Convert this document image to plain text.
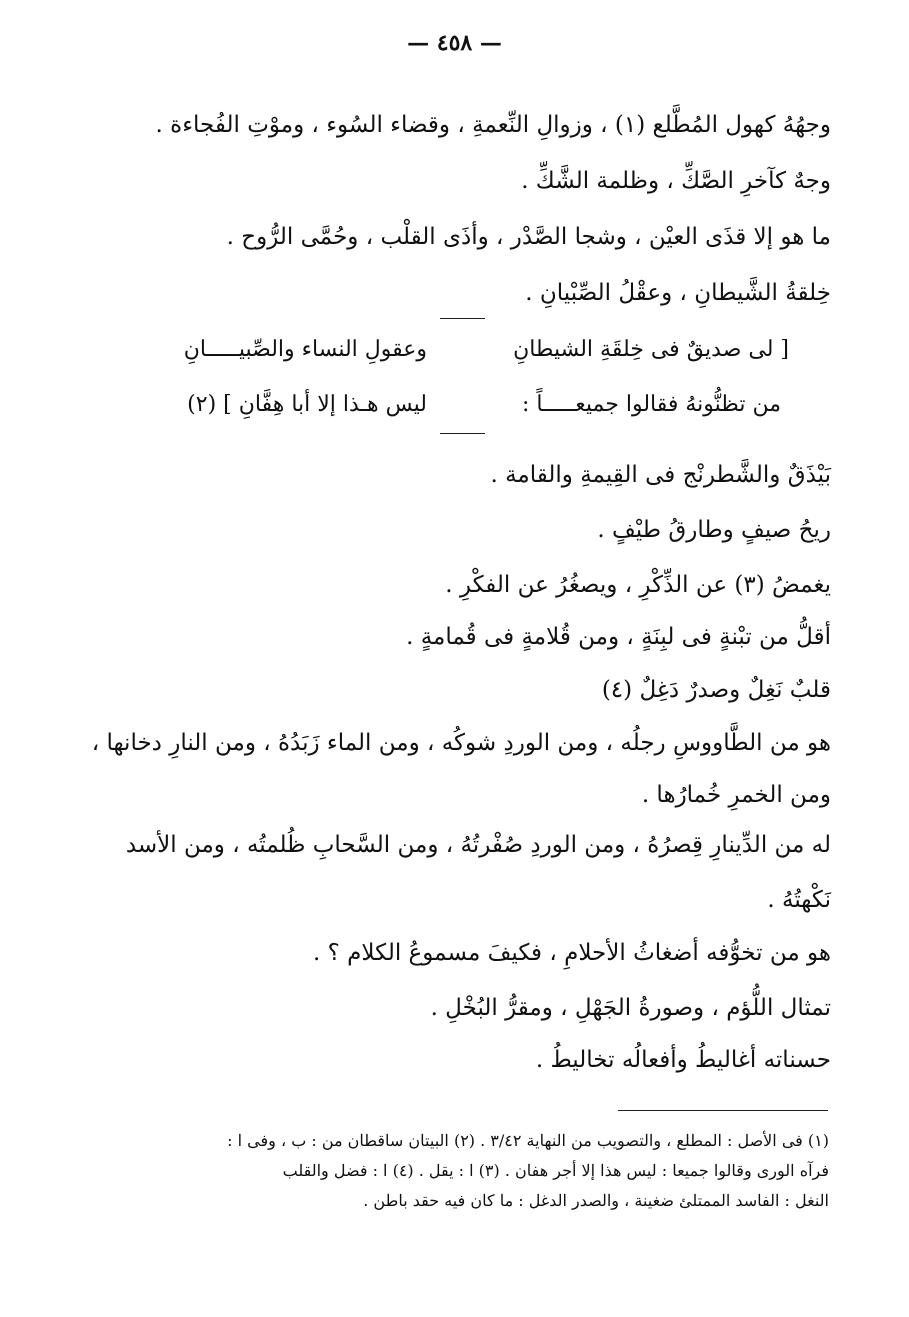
— ٤٥٨ —
وجهُهُ كهول المُطَّلع (١) ، وزوالِ النِّعمةِ ، وقضاء السُوء ، وموْتِ الفُجاءة .
وجهٌ كآخرِ الصَّكِّ ، وظلمة الشَّكِّ .
ما هو إلا قذَى العيْن ، وشجا الصَّدْر ، وأذَى القلْب ، وحُمَّى الرُّوح .
خِلقةُ الشَّيطانِ ، وعقْلُ الصِّبْيانِ .
[ لى صديقٌ فى خِلقَةِ الشيطانِ
وعقولِ النساء والصِّبيـــــانِ
من تظنُّونهُ فقالوا جميعـــــاً :
ليس هـذا إلا أبا هِفَّانِ ] (٢)
بَيْذَقٌ والشَّطرنْج فى القِيمةِ والقامة .
ريحُ صيفٍ وطارقُ طيْفٍ .
يغمضُ (٣) عن الذِّكْرِ ، ويصغُرُ عن الفكْرِ .
أقلُّ من تبْنةٍ فى لبِنَةٍ ، ومن قُلامةٍ فى قُمامةٍ .
قلبٌ نَغِلٌ وصدرٌ دَغِلٌ (٤)
هو من الطَّاووسِ رجلُه ، ومن الوردِ شوكُه ، ومن الماء زَبَدُهُ ، ومن النارِ دخانها ،
ومن الخمرِ خُمارُها .
له من الدِّينارِ قِصرُهُ ، ومن الوردِ صُفْرتُهُ ، ومن السَّحابِ ظُلمتُه ، ومن الأسد
نَكْهتُهُ .
هو من تخوُّفه أضغاثُ الأحلامِ ، فكيفَ مسموعُ الكلام ؟ .
تمثال اللُّؤم ، وصورةُ الجَهْلِ ، ومقرُّ البُخْلِ .
حسناته أغاليطُ وأفعالُه تخاليطُ .
(١) فى الأصل : المطلع ، والتصويب من النهاية ٣/٤٢ . (٢) البيتان ساقطان من : ب ، وفى ا :
فرآه الورى وقالوا جميعا : ليس هذا إلا أجر هفان . (٣) ا : يقل . (٤) ا : فضل والقلب
النغل : الفاسد الممتلئ ضغينة ، والصدر الدغل : ما كان فيه حقد باطن .
